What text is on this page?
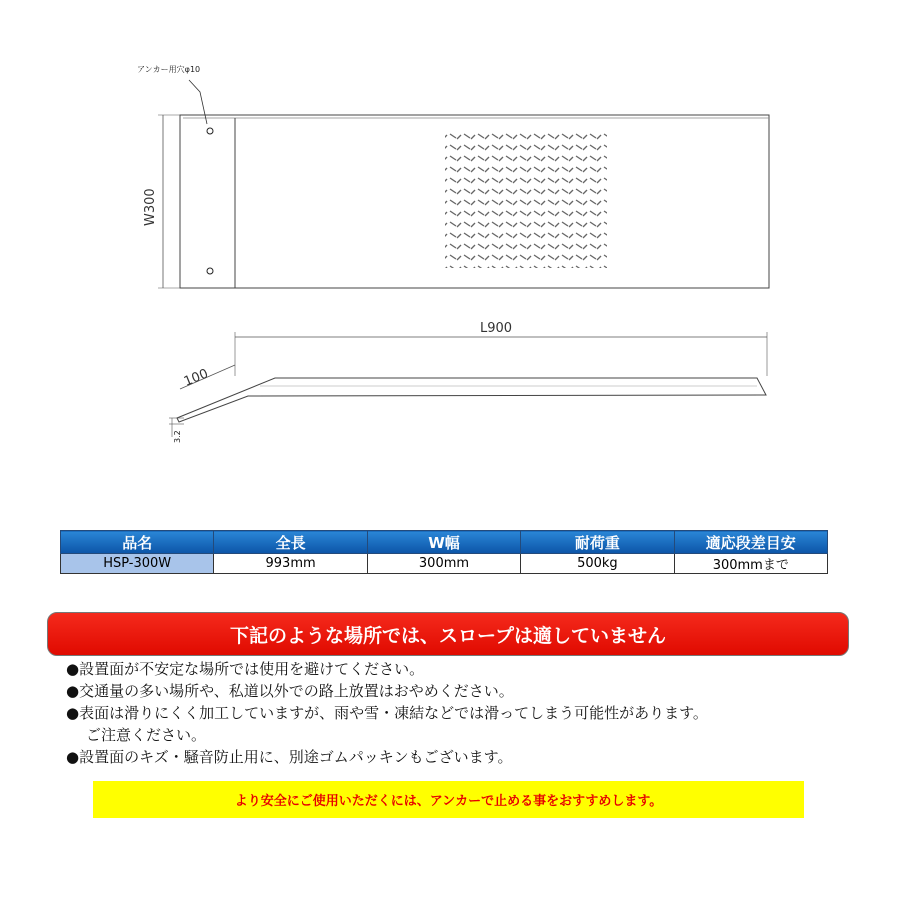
アンカー用穴φ10
W300
L900
100
3.2
品名	全長	W幅	耐荷重	適応段差目安
HSP-300W	993mm	300mm	500kg	300mmまで
下記のような場所では、スロープは適していません
●設置面が不安定な場所では使用を避けてください。
●交通量の多い場所や、私道以外での路上放置はおやめください。
●表面は滑りにくく加工していますが、雨や雪・凍結などでは滑ってしまう可能性があります。
ご注意ください。
●設置面のキズ・騒音防止用に、別途ゴムパッキンもございます。
より安全にご使用いただくには、アンカーで止める事をおすすめします。
